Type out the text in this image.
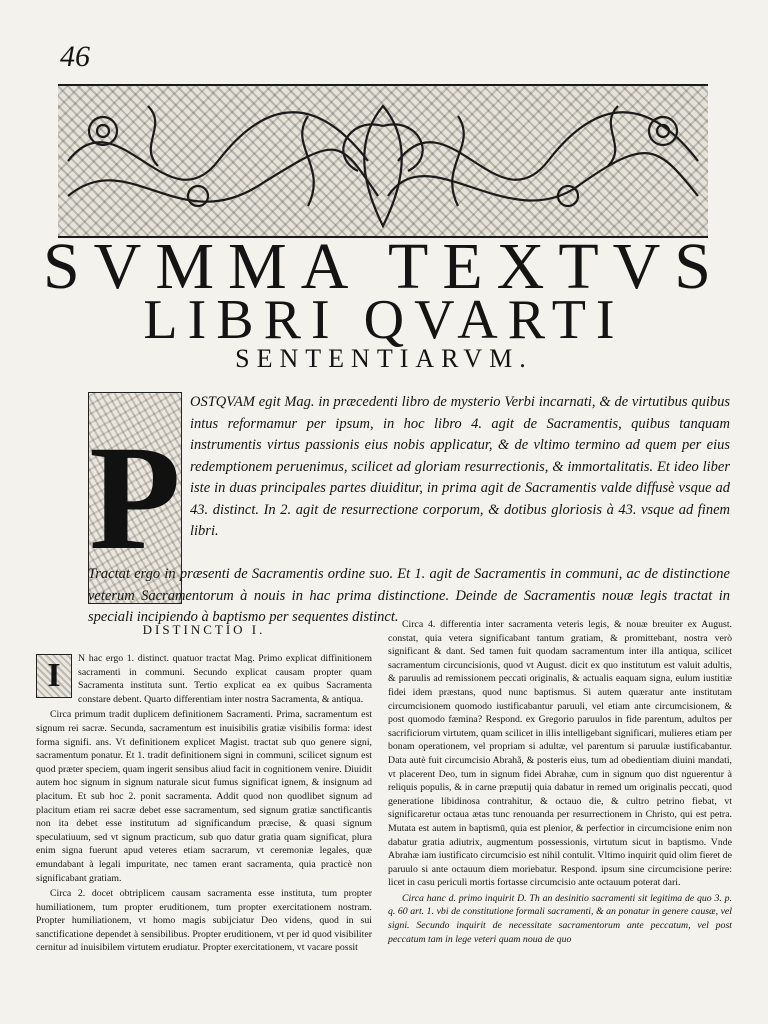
46
SVMMA TEXTVS
LIBRI QVARTI
SENTENTIARVM.
P
OSTQVAM egit Mag. in præcedenti libro de mysterio Verbi incarnati, & de virtutibus quibus intus reformamur per ipsum, in hoc libro 4. agit de Sacramentis, quibus tanquam instrumentis virtus passionis eius nobis applicatur, & de vltimo termino ad quem per eius redemptionem peruenimus, scilicet ad gloriam resurrectionis, & immortalitatis. Et ideo liber iste in duas principales partes diuiditur, in prima agit de Sacramentis valde diffusè vsque ad 43. distinct. In 2. agit de resurrectione corporum, & dotibus gloriosis à 43. vsque ad finem libri.
Tractat ergo in præsenti de Sacramentis ordine suo. Et 1. agit de Sacramentis in communi, ac de distinctione veterum Sacramentorum à nouis in hac prima distinctione. Deinde de Sacramentis nouæ legis tractat in speciali incipiendo à baptismo per sequentes distinct.
DISTINCTIO I.
I	N hac ergo 1. distinct. quatuor tractat Mag. Primo explicat diffinitionem sacramenti in communi. Secundo explicat causam propter quam Sacramenta instituta sunt. Tertio explicat ea ex quibus Sacramenta constare debent. Quarto differentiam inter nostra Sacramenta, & antiqua.

Circa primum tradit duplicem definitionem Sacramenti. Prima, sacramentum est signum rei sacræ. Secunda, sacramentum est inuisibilis gratiæ visibilis forma: idest forma signifi. ans. Vt definitionem explicet Magist. tractat sub quo genere signi, sacramentum ponatur. Et 1. tradit definitionem signi in communi, scilicet signum est quod præter speciem, quam ingerit sensibus aliud facit in cognitionem venire. Diuidit autem hoc signum in signum naturale sicut fumus significat ignem, & insignum ad placitum. Et sub hoc 2. ponit sacramenta. Addit quod non quodlibet signum ad placitum etiam rei sacræ debet esse sacramentum, sed signum gratiæ sanctificantis non ita debet esse institutum ad significandum præcise, & quasi signum speculatiuum, sed vt signum practicum, sub quo datur gratia quam significat, plura enim signa fuerunt apud veteres etiam sacrarum, vt ceremoniæ legales, quæ emundabant à legali impuritate, nec tamen erant sacramenta, quia practicè non significabant gratiam.

Circa 2. docet obtriplicem causam sacramenta esse instituta, tum propter humiliationem, tum propter eruditionem, tum propter exercitationem nostram. Propter humiliationem, vt homo magis subijciatur Deo videns, quod in sui sanctificatione dependet à sensibilibus. Propter eruditionem, vt per id quod visibiliter cernitur ad inuisibilem virtutem erudiatur. Propter exercitationem, vt vacare possit

Circa 4. differentia inter sacramenta veteris legis, & nouæ breuiter ex August. constat, quia vetera significabant tantum gratiam, & promittebant, nostra verò significant & dant. Sed tamen fuit quodam sacramentum inter illa antiqua, scilicet sacramentum circuncisionis, quod vt August. dicit ex quo institutum est valuit adultis, & paruulis ad remissionem peccati originalis, & actualis eaquam signa, eulum iustitiæ fidei idem præstans, quod nunc baptismus. Si autem quæratur ante institutam circumcisionem quomodo iustificabantur paruuli, vel etiam ante circumcisionem, & post quomodo fæmina? Respond. ex Gregorio paruulos in fide parentum, adultos per sacrificiorum virtutem, quam scilicet in illis intelligebant significari, mulieres etiam per bonam operationem, vel propriam si adultæ, vel parentum si paruulæ iustificabantur. Data autè fuit circumcisio Abrahã, & posteris eius, tum ad obedientiam diuini mandati, vt placerent Deo, tum in signum fidei Abrahæ, cum in signum quo dist nguerentur à reliquis populis, & in carne præputij quia dabatur in remed um originalis peccati, quod generatione libidinosa contrahitur, & octauo die, & cultro petrino fiebat, vt significaretur octaua ætas tunc renouanda per resurrectionem in Christo, qui est petra. Mutata est autem in baptismū, quia est plenior, & perfectior in circumcisione enim non dabatur gratia adiutrix, augmentum possessionis, virtutum sicut in baptismo. Vnde Abrahæ iam iustificato circumcisio est nihil contulit. Vltimo inquirit quid olim fieret de paruulo si ante octauum diem moriebatur. Respond. ipsum sine circumcisione perire: licet in casu periculi mortis fortasse circumcisio ante octauum poterat dari.

Circa hanc d. primo inquirit D. Th an desinitio sacramenti sit legitima de quo 3. p. q. 60 art. 1. vbi de constitutione formali sacramenti, & an ponatur in genere causæ, vel signi. Secundo inquirit de necessitate sacramentorum ante peccatum, vel post peccatum tam in lege veteri quam noua de quo
